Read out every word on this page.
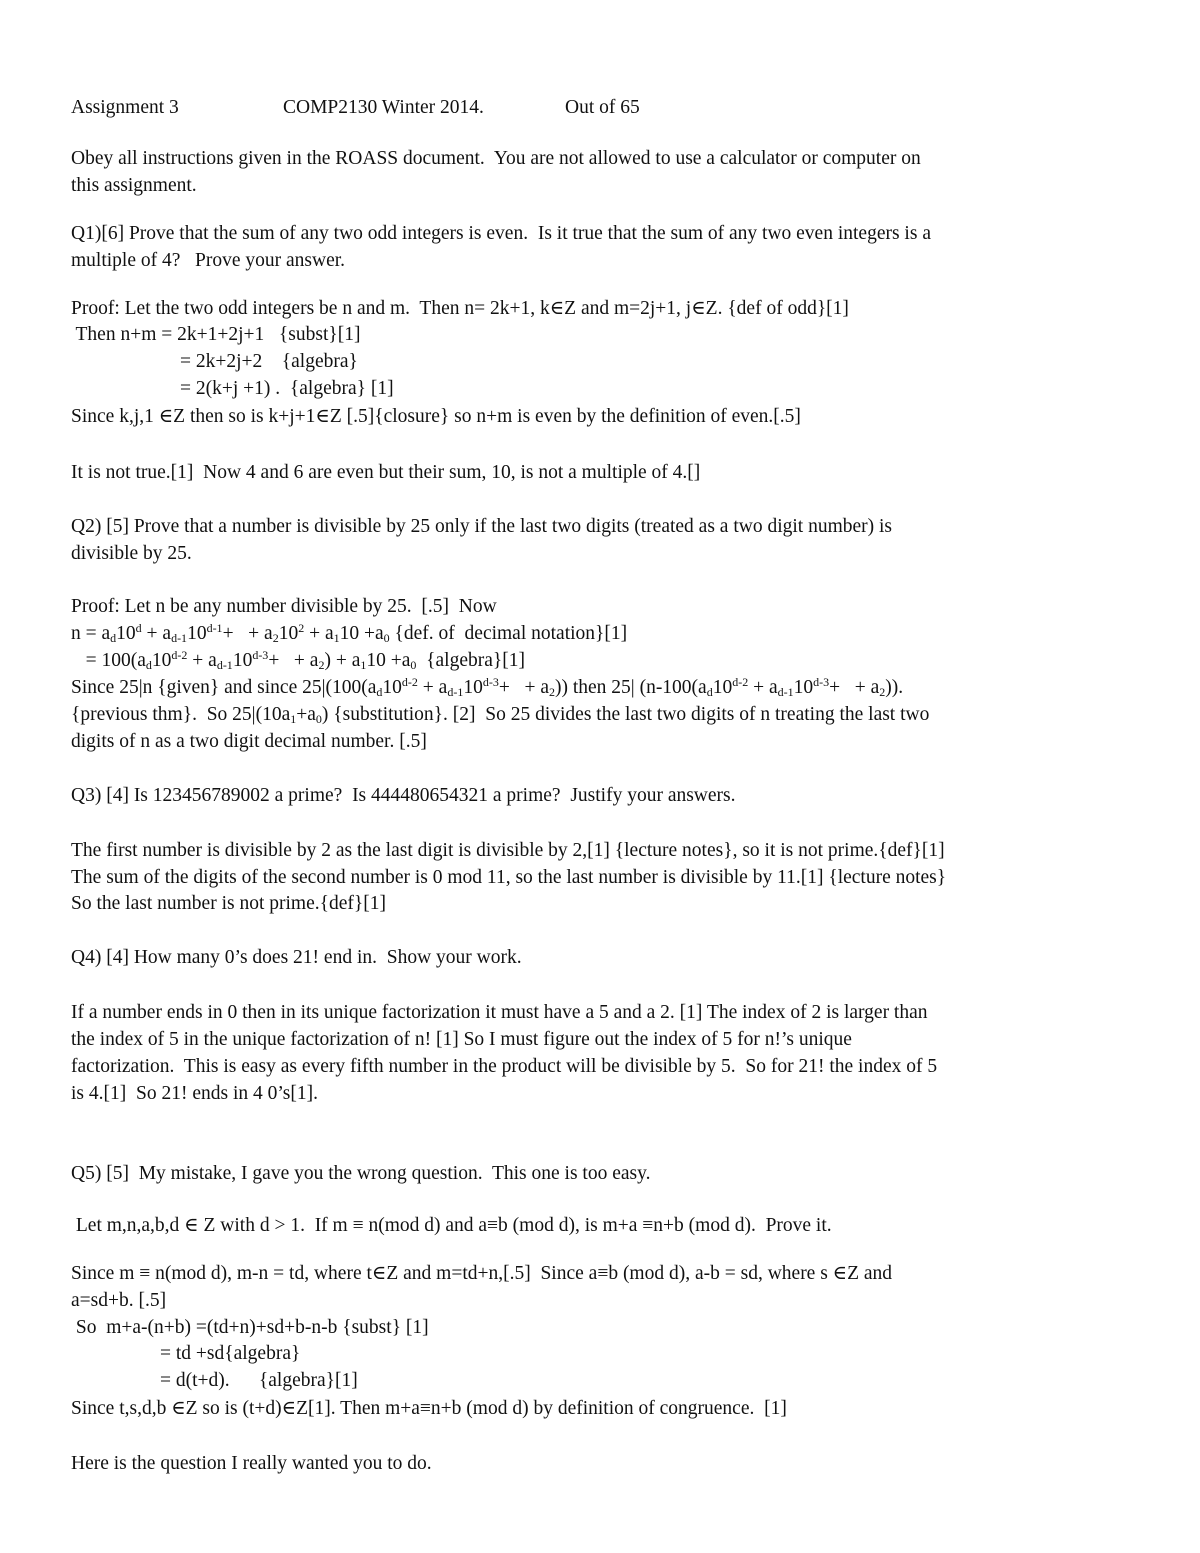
Assignment 3

	COMP2130 Winter 2014.

	Out of 65

Obey all instructions given in the ROASS document.  You are not allowed to use a calculator or computer on
this assignment.
Q1)[6] Prove that the sum of any two odd integers is even.  Is it true that the sum of any two even integers is a
multiple of 4?   Prove your answer.
Proof: Let the two odd integers be n and m.  Then n= 2k+1, k∈Z and m=2j+1, j∈Z. {def of odd}[1]
Then n+m = 2k+1+2j+1   {subst}[1]
= 2k+2j+2    {algebra}
= 2(k+j +1) .  {algebra} [1]
Since k,j,1 ∈Z then so is k+j+1∈Z [.5]{closure} so n+m is even by the definition of even.[.5]
It is not true.[1]  Now 4 and 6 are even but their sum, 10, is not a multiple of 4.[]
Q2) [5] Prove that a number is divisible by 25 only if the last two digits (treated as a two digit number) is
divisible by 25.
Proof: Let n be any number divisible by 25.  [.5]  Now
$n = a_d10^d + a_{d-1}10^{d-1}+ + a_210^2 + a_110 +a_0$ {def. of  decimal notation}[1]
= $100(a_d10^{d-2} + a_{d-1}10^{d-3}+ + a_2) + a_110 +a_0$  {algebra}[1]
Since 25|n {given} and since $25|(100(a_d10^{d-2} + a_{d-1}10^{d-3}+ + a_2))$ then 25| $(n-100(a_d10^{d-2} + a_{d-1}10^{d-3}+ + a_2))$.
{previous thm}.  So $25|(10a_1+a_0)$ {substitution}. [2]  So 25 divides the last two digits of n treating the last two
digits of n as a two digit decimal number. [.5]
Q3) [4] Is 123456789002 a prime?  Is 444480654321 a prime?  Justify your answers.
The first number is divisible by 2 as the last digit is divisible by 2,[1] {lecture notes}, so it is not prime.{def}[1]
The sum of the digits of the second number is 0 mod 11, so the last number is divisible by 11.[1] {lecture notes}
So the last number is not prime.{def}[1]
Q4) [4] How many 0’s does 21! end in.  Show your work.
If a number ends in 0 then in its unique factorization it must have a 5 and a 2. [1] The index of 2 is larger than
the index of 5 in the unique factorization of n! [1] So I must figure out the index of 5 for n!’s unique
factorization.  This is easy as every fifth number in the product will be divisible by 5.  So for 21! the index of 5
is 4.[1]  So 21! ends in 4 0’s[1].
Q5) [5]  My mistake, I gave you the wrong question.  This one is too easy.
Let m,n,a,b,d ∈ Z with d > 1.  If m ≡ n(mod d) and a≡b (mod d), is m+a ≡n+b (mod d).  Prove it.
Since m ≡ n(mod d), m-n = td, where t∈Z and m=td+n,[.5]  Since a≡b (mod d), a-b = sd, where s ∈Z and
a=sd+b. [.5]
So  m+a-(n+b) =(td+n)+sd+b-n-b {subst} [1]
= td +sd{algebra}
= d(t+d).      {algebra}[1]
Since t,s,d,b ∈Z so is (t+d)∈Z[1]. Then m+a≡n+b (mod d) by definition of congruence.  [1]
Here is the question I really wanted you to do.
